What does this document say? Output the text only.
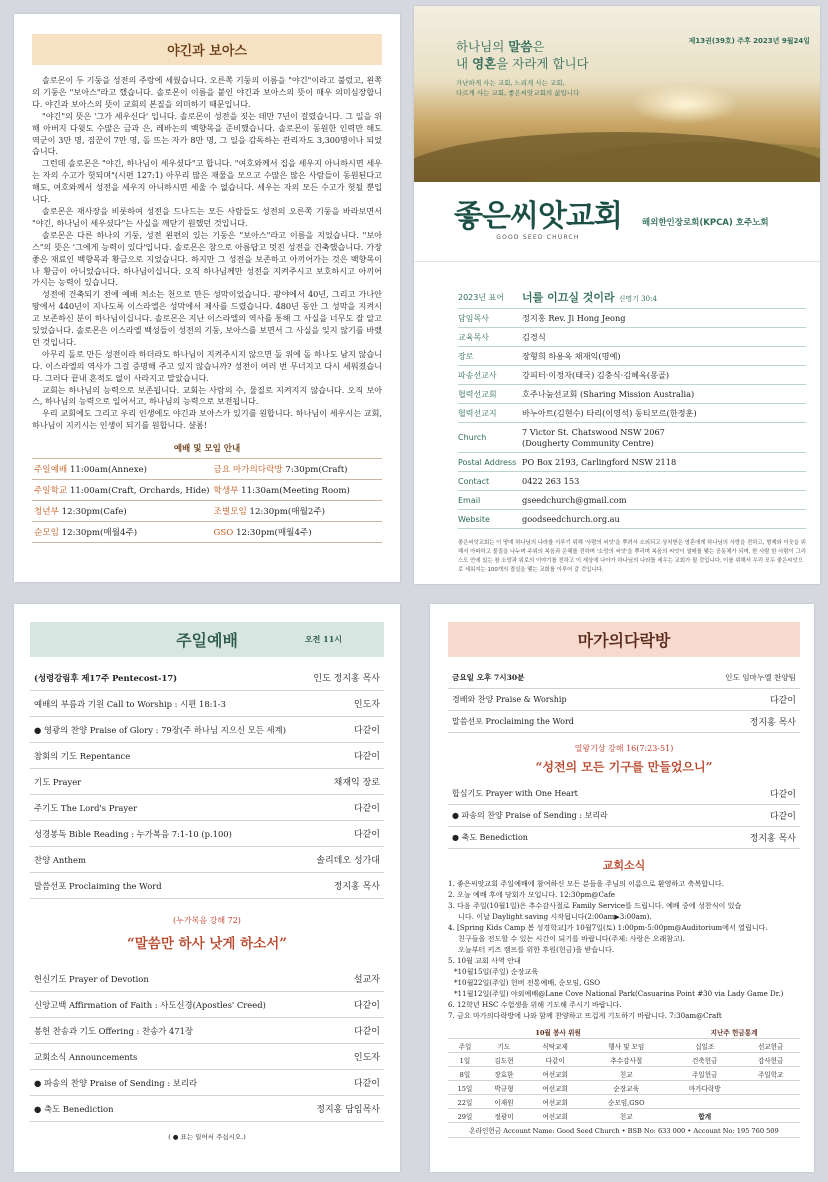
야긴과 보아스

솔로몬이 두 기둥을 성전의 주랑에 세웠습니다. 오른쪽 기둥의 이름을 "야긴"이라고 불렀고, 왼쪽의 기둥은 "보아스"라고 했습니다. 솔로몬이 이름을 붙인 야긴과 보아스의 뜻이 매우 의미심장합니다. 야긴과 보아스의 뜻이 교회의 본질을 의미하기 때문입니다.

"야긴"의 뜻은 '그가 세우신다' 입니다. 솔로몬이 성전을 짓는 데만 7년이 걸렸습니다. 그 일을 위해 아버지 다윗도 수많은 금과 은, 레바논의 백향목을 준비했습니다. 솔로몬이 동원한 인력만 해도 역군이 3만 명, 짐꾼이 7만 명, 돌 뜨는 자가 8만 명, 그 일을 감독하는 관리자도 3,300명이나 되었습니다.

그런데 솔로몬은 "야긴, 하나님이 세우셨다"고 합니다. "여호와께서 집을 세우지 아니하시면 세우는 자의 수고가 헛되며"(시편 127:1) 아무리 많은 재물을 모으고 수많은 많은 사람들이 동원된다고 해도, 여호와께서 성전을 세우지 아니하시면 세울 수 없습니다. 세우는 자의 모든 수고가 헛될 뿐입니다.

솔로몬은 재사장을 비롯하여 성전을 드나드는 모든 사람들도 성전의 오른쪽 기둥을 바라보면서 "야긴, 하나님이 세우셨다"는 사실을 깨닫기 원했던 것입니다.

솔로몬은 다른 하나의 기둥, 성전 왼편의 있는 기둥은 "보아스"라고 이름을 지었습니다. "보아스"의 뜻은 '그에게 능력이 있다'입니다. 솔로몬은 참으로 아름답고 멋진 성전을 건축했습니다. 가장 좋은 재료인 백향목과 황금으로 지었습니다. 하지만 그 성전을 보존하고 아끼어가는 것은 백향목이나 황금이 아니었습니다. 하나님이십니다. 오직 하나님께만 성전을 지켜주시고 보호하시고 아끼어 가시는 능력이 있습니다.

성전에 건축되기 전에 예배 처소는 천으로 만든 성막이었습니다. 광야에서 40년, 그리고 가나안 땅에서 440년이 지나도록 이스라엘은 성막에서 제사를 드렸습니다. 480년 동안 그 성막을 지켜시고 보존하신 분이 하나님이십니다. 솔로몬은 지난 이스라엘의 역사를 통해 그 사실을 너무도 잘 알고 있었습니다. 솔로몬은 이스라엘 백성들이 성전의 기둥, 보아스를 보면서 그 사실을 잊지 않기를 바랬던 것입니다.

아무리 돌로 만든 성전이라 하더라도 하나님이 지켜주시지 않으면 돌 위에 돌 하나도 남지 않습니다. 이스라엘의 역사가 그걸 증명해 주고 있지 않습니까? 성전이 여러 번 무너지고 다시 세워졌습니다. 그러다 끝내 흔적도 없이 사라지고 말았습니다.

교회는 하나님의 능력으로 보존됩니다. 교회는 사람의 수, 물질로 지켜지지 않습니다. 오직 보아스, 하나님의 능력으로 일어서고, 하나님의 능력으로 보전됩니다.

우리 교회에도 그리고 우리 인생에도 야긴과 보아스가 있기를 원합니다. 하나님이 세우시는 교회, 하나님이 지키시는 인생이 되기를 원합니다. 샬롬!

예배 및 모임 안내
주일예배 11:00am(Annexe)	금요 마가의다락방 7:30pm(Craft)
주일학교 11:00am(Craft, Orchards, Hide) 학생부 11:30am(Meeting Room)
청년부 12:30pm(Cafe)	조별모임 12:30pm(매월2주)
순모임 12:30pm(매월4주)	GSO 12:30pm(매월4주)
제13권(39호) 주후 2023년 9월24일
하나님의 말씀은
내 영혼을 자라게 합니다
가난하게 사는 교회, 느리게 사는 교회,
다르게 사는 교회, 좋은씨앗교회의 삶입니다
좋은씨앗교회
GOOD SEED CHURCH
해외한인장로회(KPCA) 호주노회
2023년 표어	너를 이끄실 것이라 신명기 30:4
담임목사	정지홍 Rev. Ji Hong Jeong
교육목사	김경식
장로	장형희 하용옥 채재익(명예)
파송선교사	강피터·이정자(태국) 김충식·김혜옥(몽골)
협력선교회	호주나눔선교회 (Sharing Mission Australia)
협력선교지	바누아트(김현수) 타리(이영석) 동티모르(한정훈)
Church
7 Victor St. Chatswood NSW 2067
(Dougherty Community Centre)
Postal Address PO Box 2193, Carlingford NSW 2118
Contact	0422 263 153
Email	gseedchurch@gmail.com
Website	goodseedchurch.org.au
좋은씨앗교회는 이 땅에 하나님의 나라를 이루기 위해 '사람의 씨앗'을 뿌려서 소외되고 상처받은 영혼에게 하나님의 사랑을 전하고, 형제와 이웃을 위해서 아파하고 물질을 나누며 주위의 복음과 은혜를 전하며 '소망의 씨앗'을 뿌리며 복음의 씨앗이 열매를 맺는 공동체가 되며, 한 사람 한 사람이 그리스도 안에 있는 참 소망과 위로의 이야기를 전하고 이 세상에 나아가 하나님의 나라를 세우는 교회가 될 것입니다. 이를 위해서 우리 모두 좋은씨앗으로 세워지는 100개의 결실을 맺는 교회를 이루어 갈 것입니다.
주일예배	오전 11시
(성령강림후 제17주 Pentecost-17)	인도 정지홍 목사
예배의 부름과 기원 Call to Worship : 시편 18:1-3	인도자
● 영광의 찬양 Praise of Glory : 79장(주 하나님 지으신 모든 세계)	다같이
참회의 기도 Repentance	다같이
기도 Prayer	채재익 장로
주기도 The Lord's Prayer	다같이
성경봉독 Bible Reading : 누가복음 7:1-10 (p.100)	다같이
찬양 Anthem	솔리데오 성가대
말씀선포 Proclaiming the Word	정지홍 목사
(누가복음 강해 72)
“말씀만 하사 낫게 하소서”
헌신기도 Prayer of Devotion	설교자
신앙고백 Affirmation of Faith : 사도신경(Apostles' Creed)	다같이
봉헌 찬송과 기도 Offering : 찬송가 471장	다같이
교회소식 Announcements	인도자
● 파송의 찬양 Praise of Sending : 보리라	다같이
● 축도 Benediction	정지홍 담임목사
( ● 표는 일어서 주십시오.)
마가의다락방
금요일 오후 7시30분	인도 임마누엘 찬양팀
경배와 찬양 Praise & Worship	다같이
말씀선포 Proclaiming the Word	정지홍 목사
열왕기상 강해 16(7:23-51)
“성전의 모든 기구를 만들었으니”
합심기도 Prayer with One Heart	다같이
● 파송의 찬양 Praise of Sending : 보리라	다같이
● 축도 Benediction	정지홍 목사
교회소식
1. 좋은씨앗교회 주일예배에 참여하신 모든 분들을 주님의 이름으로 환영하고 축복합니다.
2. 오늘 예배 후에 당회가 모입니다. 12:30pm@Cafe
3. 다음 주일(10월1일)은 추수감사절로 Family Service를 드립니다. 예배 중에 성찬식이 있습
니다. 이날 Daylight saving 시작됩니다(2:00am▶3:00am).
4. [Spring Kids Camp 봄 성경학교]가 10월7일(토) 1:00pm-5:00pm@Auditorium에서 열립니다.
친구들을 전도할 수 있는 시간이 되기를 바랍니다(주제: 사랑은 오래참고).
오늘부터 키즈 캠프를 위한 후원(헌금)을 받습니다.
5. 10월 교회 사역 안내
*10월15일(주일) 순장교육
*10월22일(주일) 헌버 전통예배, 순모임, GSO
*11월12일(주일) 야외예배@Lane Cove National Park(Casuarina Point #30 via Lady Game Dr.)
6. 12학년 HSC 수험생을 위해 기도해 주시기 바랍니다.
7. 금요 마가의다락방에 나와 함께 찬양하고 뜨겁게 기도하기 바랍니다. 7:30am@Craft
10월 봉사 위원				지난주 헌금통계	
주일	기도	식탁교제	행사 및 모임	십일조	선교헌금
1일	김도현	다같이	추수감사절	건축헌금	감사헌금
8일	장효한	여선교회	친교	주일헌금	주일학교
15일	박규형	여선교회	순장교육	마가다락방	
22일	이재원	여선교회	순모임,GSO		
29일	정광미	여선교회	친교	합계	
온라인헌금 Account Name: Good Seed Church • BSB No: 633 000 • Account No: 195 760 509
